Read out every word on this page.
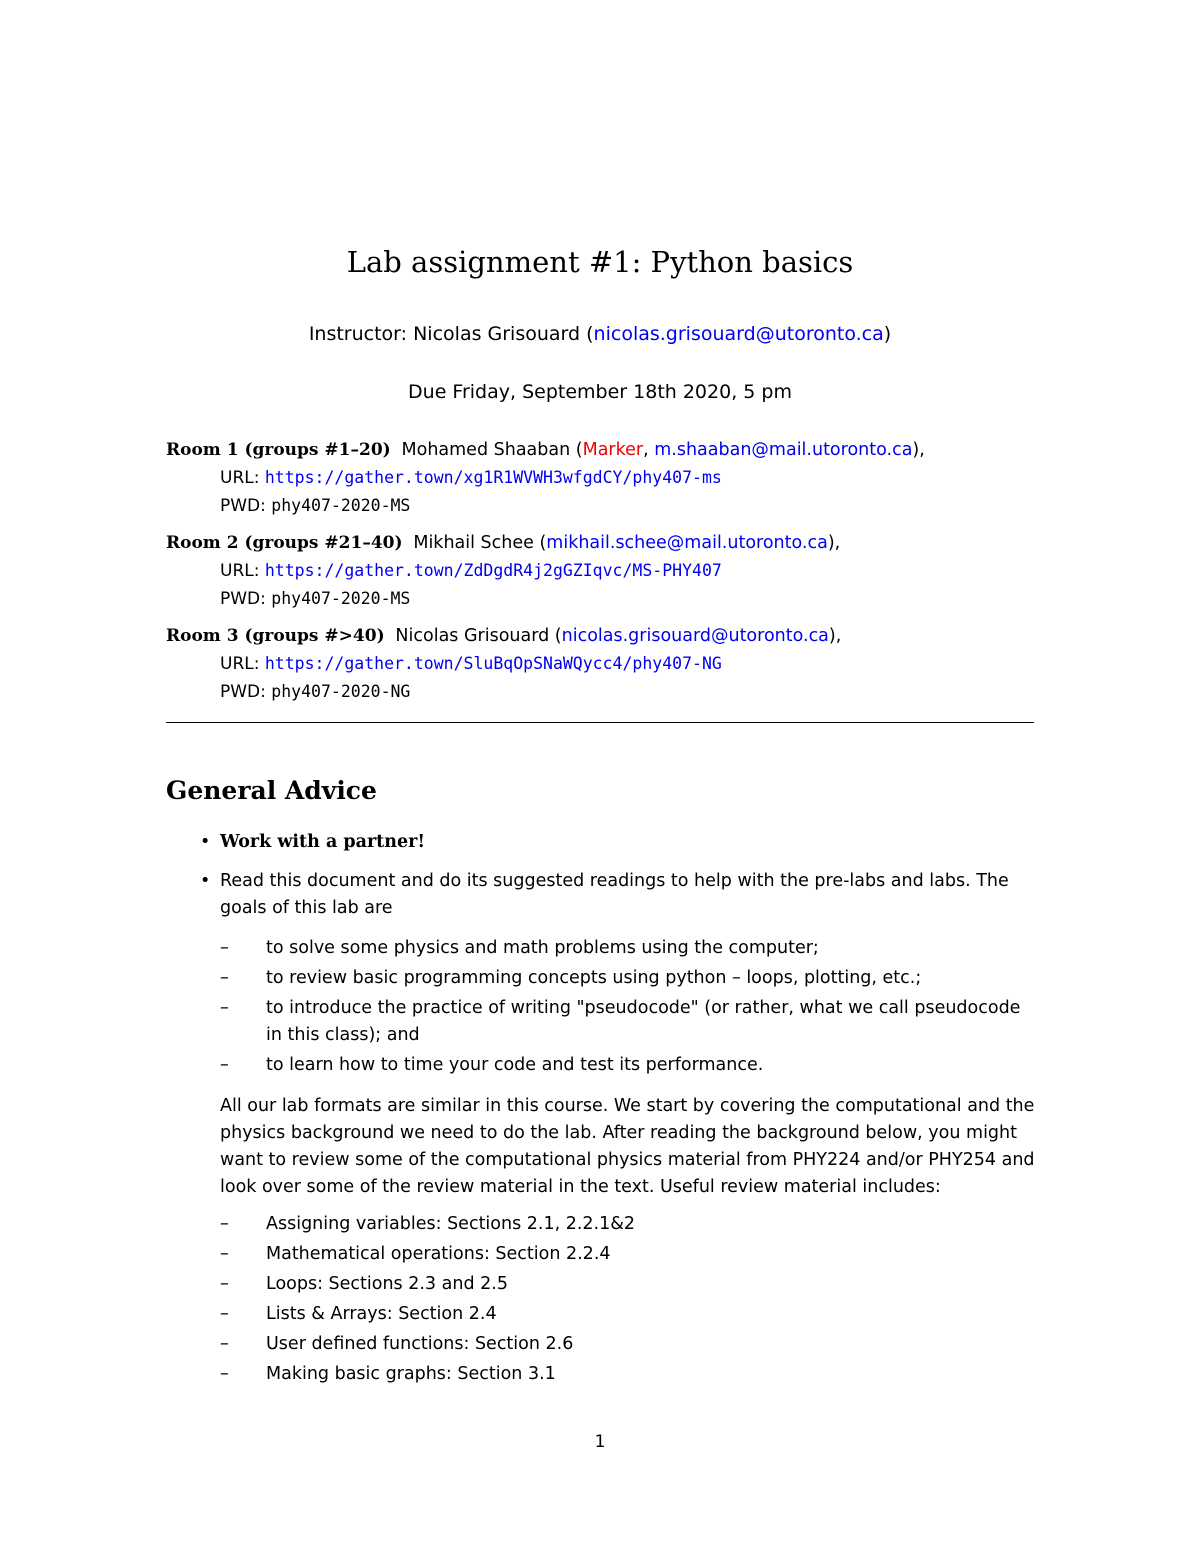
Lab assignment #1: Python basics
Instructor: Nicolas Grisouard (nicolas.grisouard@utoronto.ca)
Due Friday, September 18th 2020, 5 pm
Room 1 (groups #1–20) Mohamed Shaaban (Marker, m.shaaban@mail.utoronto.ca),
URL: https://gather.town/xg1R1WVWH3wfgdCY/phy407-ms
PWD: phy407-2020-MS
Room 2 (groups #21–40) Mikhail Schee (mikhail.schee@mail.utoronto.ca),
URL: https://gather.town/ZdDgdR4j2gGZIqvc/MS-PHY407
PWD: phy407-2020-MS
Room 3 (groups #>40) Nicolas Grisouard (nicolas.grisouard@utoronto.ca),
URL: https://gather.town/SluBqOpSNaWQycc4/phy407-NG
PWD: phy407-2020-NG
General Advice
• Work with a partner!
• Read this document and do its suggested readings to help with the pre-labs and labs. The goals of this lab are
– to solve some physics and math problems using the computer;
– to review basic programming concepts using python – loops, plotting, etc.;
– to introduce the practice of writing "pseudocode" (or rather, what we call pseudocode in this class); and
– to learn how to time your code and test its performance.
All our lab formats are similar in this course. We start by covering the computational and the physics background we need to do the lab. After reading the background below, you might want to review some of the computational physics material from PHY224 and/or PHY254 and look over some of the review material in the text. Useful review material includes:
– Assigning variables: Sections 2.1, 2.2.1&2
– Mathematical operations: Section 2.2.4
– Loops: Sections 2.3 and 2.5
– Lists & Arrays: Section 2.4
– User defined functions: Section 2.6
– Making basic graphs: Section 3.1
1
